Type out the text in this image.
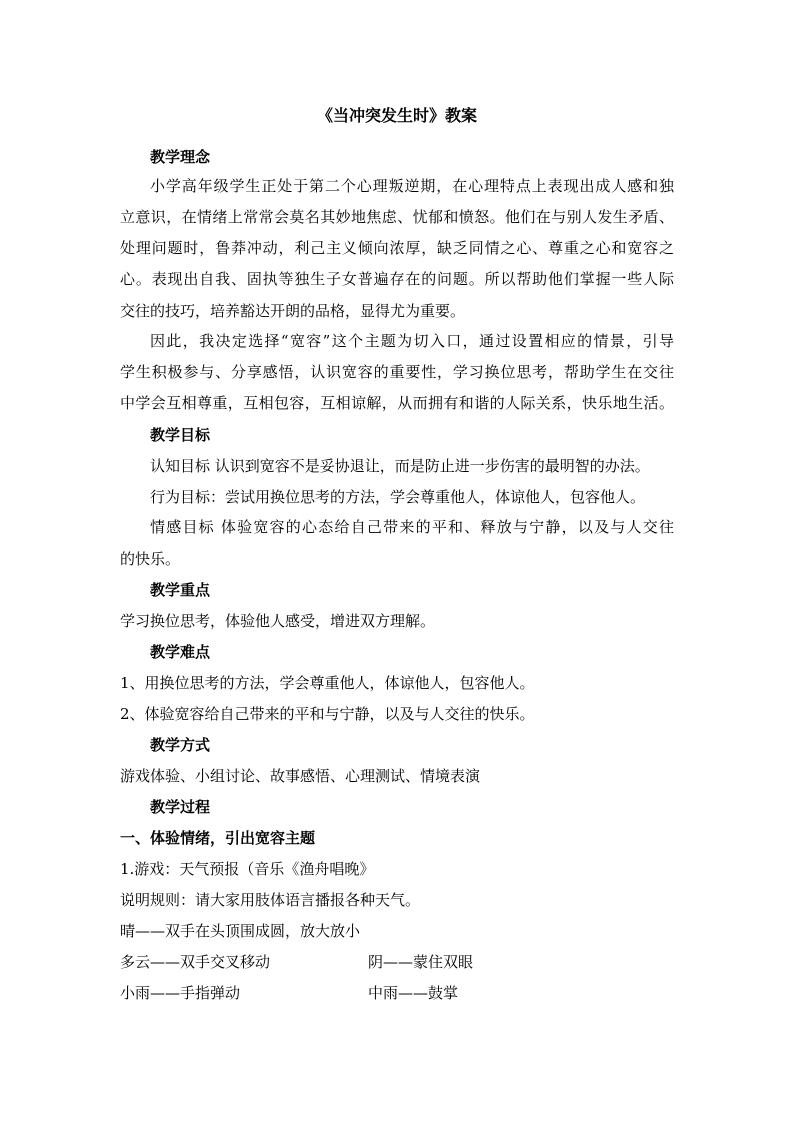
《当冲突发生时》教案
教学理念
小学高年级学生正处于第二个心理叛逆期，在心理特点上表现出成人感和独
立意识，在情绪上常常会莫名其妙地焦虑、忧郁和愤怒。他们在与别人发生矛盾、
处理问题时，鲁莽冲动，利己主义倾向浓厚，缺乏同情之心、尊重之心和宽容之
心。表现出自我、固执等独生子女普遍存在的问题。所以帮助他们掌握一些人际
交往的技巧，培养豁达开朗的品格，显得尤为重要。
因此，我决定选择“宽容”这个主题为切入口，通过设置相应的情景，引导
学生积极参与、分享感悟，认识宽容的重要性，学习换位思考，帮助学生在交往
中学会互相尊重，互相包容，互相谅解，从而拥有和谐的人际关系，快乐地生活。
教学目标
认知目标 认识到宽容不是妥协退让，而是防止进一步伤害的最明智的办法。
行为目标：尝试用换位思考的方法，学会尊重他人，体谅他人，包容他人。
情感目标 体验宽容的心态给自己带来的平和、释放与宁静，以及与人交往
的快乐。
教学重点
学习换位思考，体验他人感受，增进双方理解。
教学难点
1、用换位思考的方法，学会尊重他人，体谅他人，包容他人。
2、体验宽容给自己带来的平和与宁静，以及与人交往的快乐。
教学方式
游戏体验、小组讨论、故事感悟、心理测试、情境表演
教学过程
一、体验情绪，引出宽容主题
1.游戏：天气预报（音乐《渔舟唱晚》
说明规则：请大家用肢体语言播报各种天气。
晴——双手在头顶围成圆，放大放小
多云——双手交叉移动	阴——蒙住双眼
小雨——手指弹动	中雨——鼓掌
